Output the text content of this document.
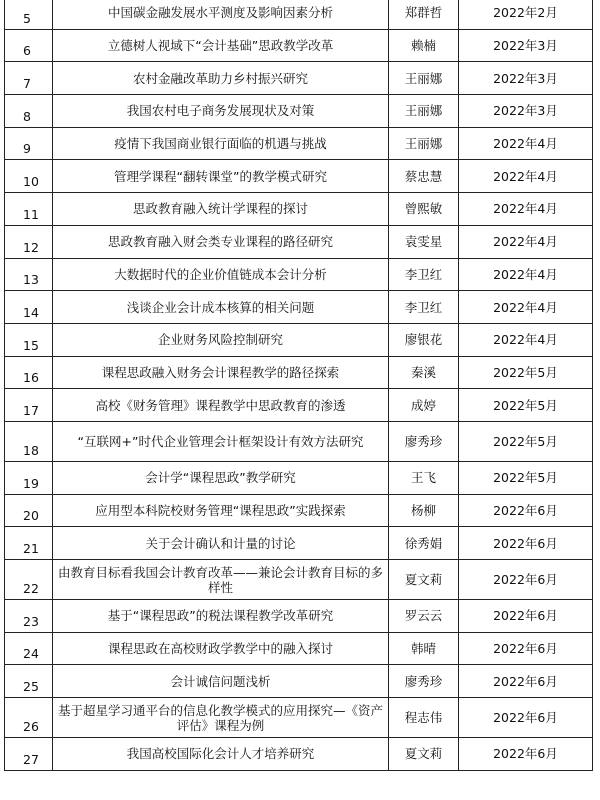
5	中国碳金融发展水平测度及影响因素分析	郑群哲	2022年2月
6	立德树人视域下“会计基础”思政教学改革	赖楠	2022年3月
7	农村金融改革助力乡村振兴研究	王丽娜	2022年3月
8	我国农村电子商务发展现状及对策	王丽娜	2022年3月
9	疫情下我国商业银行面临的机遇与挑战	王丽娜	2022年4月
10	管理学课程“翻转课堂”的教学模式研究	蔡忠慧	2022年4月
11	思政教育融入统计学课程的探讨	曾熙敏	2022年4月
12	思政教育融入财会类专业课程的路径研究	袁雯星	2022年4月
13	大数据时代的企业价值链成本会计分析	李卫红	2022年4月
14	浅谈企业会计成本核算的相关问题	李卫红	2022年4月
15	企业财务风险控制研究	廖银花	2022年4月
16	课程思政融入财务会计课程教学的路径探索	秦溪	2022年5月
17	高校《财务管理》课程教学中思政教育的渗透	成婷	2022年5月
18	“互联网+”时代企业管理会计框架设计有效方法研究	廖秀珍	2022年5月
19	会计学“课程思政”教学研究	王飞	2022年5月
20	应用型本科院校财务管理“课程思政”实践探索	杨柳	2022年6月
21	关于会计确认和计量的讨论	徐秀娟	2022年6月
22	由教育目标看我国会计教育改革——兼论会计教育目标的多样性	夏文莉	2022年6月
23	基于“课程思政”的税法课程教学改革研究	罗云云	2022年6月
24	课程思政在高校财政学教学中的融入探讨	韩晴	2022年6月
25	会计诚信问题浅析	廖秀珍	2022年6月
26	基于超星学习通平台的信息化教学模式的应用探究—《资产评估》课程为例	程志伟	2022年6月
27	我国高校国际化会计人才培养研究	夏文莉	2022年6月
